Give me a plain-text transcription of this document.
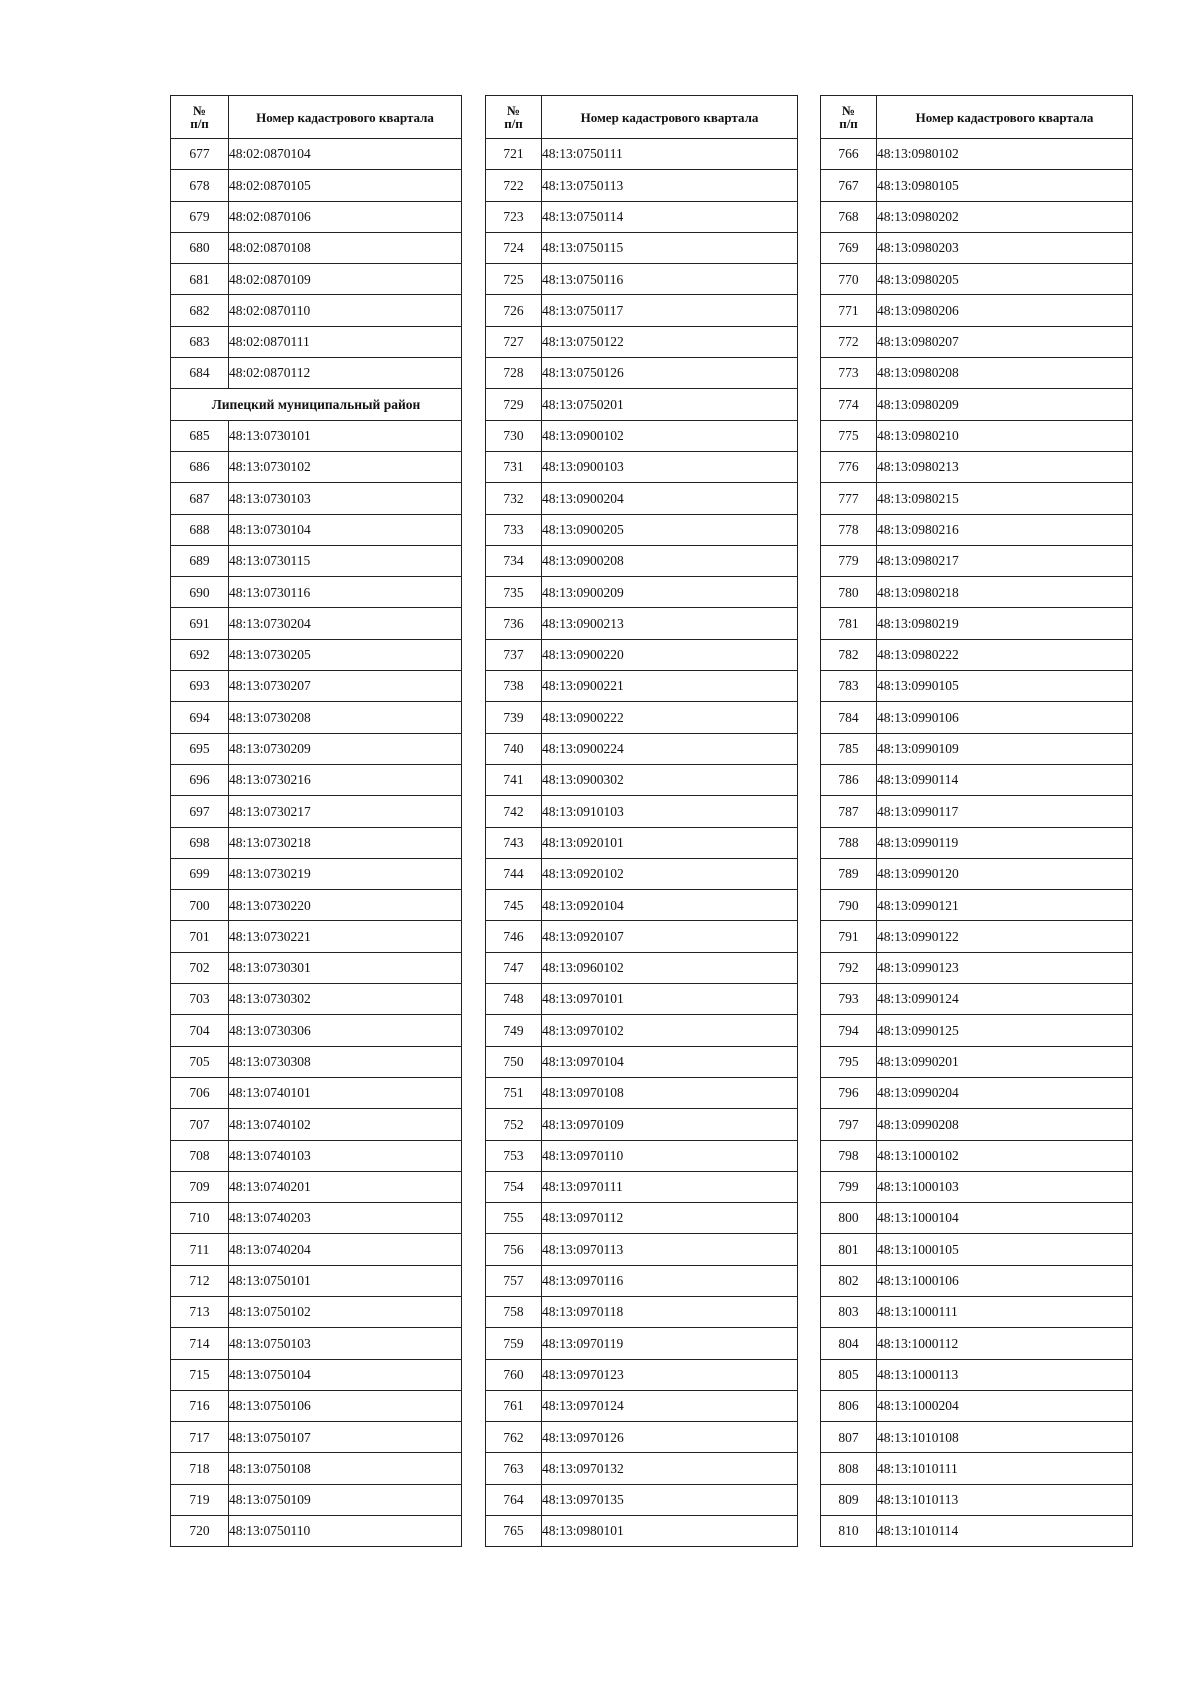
№
п/п	Номер кадастрового квартала
677	48:02:0870104
678	48:02:0870105
679	48:02:0870106
680	48:02:0870108
681	48:02:0870109
682	48:02:0870110
683	48:02:0870111
684	48:02:0870112
Липецкий муниципальный район	
685	48:13:0730101
686	48:13:0730102
687	48:13:0730103
688	48:13:0730104
689	48:13:0730115
690	48:13:0730116
691	48:13:0730204
692	48:13:0730205
693	48:13:0730207
694	48:13:0730208
695	48:13:0730209
696	48:13:0730216
697	48:13:0730217
698	48:13:0730218
699	48:13:0730219
700	48:13:0730220
701	48:13:0730221
702	48:13:0730301
703	48:13:0730302
704	48:13:0730306
705	48:13:0730308
706	48:13:0740101
707	48:13:0740102
708	48:13:0740103
709	48:13:0740201
710	48:13:0740203
711	48:13:0740204
712	48:13:0750101
713	48:13:0750102
714	48:13:0750103
715	48:13:0750104
716	48:13:0750106
717	48:13:0750107
718	48:13:0750108
719	48:13:0750109
720	48:13:0750110
№
п/п	Номер кадастрового квартала
721	48:13:0750111
722	48:13:0750113
723	48:13:0750114
724	48:13:0750115
725	48:13:0750116
726	48:13:0750117
727	48:13:0750122
728	48:13:0750126
729	48:13:0750201
730	48:13:0900102
731	48:13:0900103
732	48:13:0900204
733	48:13:0900205
734	48:13:0900208
735	48:13:0900209
736	48:13:0900213
737	48:13:0900220
738	48:13:0900221
739	48:13:0900222
740	48:13:0900224
741	48:13:0900302
742	48:13:0910103
743	48:13:0920101
744	48:13:0920102
745	48:13:0920104
746	48:13:0920107
747	48:13:0960102
748	48:13:0970101
749	48:13:0970102
750	48:13:0970104
751	48:13:0970108
752	48:13:0970109
753	48:13:0970110
754	48:13:0970111
755	48:13:0970112
756	48:13:0970113
757	48:13:0970116
758	48:13:0970118
759	48:13:0970119
760	48:13:0970123
761	48:13:0970124
762	48:13:0970126
763	48:13:0970132
764	48:13:0970135
765	48:13:0980101
№
п/п	Номер кадастрового квартала
766	48:13:0980102
767	48:13:0980105
768	48:13:0980202
769	48:13:0980203
770	48:13:0980205
771	48:13:0980206
772	48:13:0980207
773	48:13:0980208
774	48:13:0980209
775	48:13:0980210
776	48:13:0980213
777	48:13:0980215
778	48:13:0980216
779	48:13:0980217
780	48:13:0980218
781	48:13:0980219
782	48:13:0980222
783	48:13:0990105
784	48:13:0990106
785	48:13:0990109
786	48:13:0990114
787	48:13:0990117
788	48:13:0990119
789	48:13:0990120
790	48:13:0990121
791	48:13:0990122
792	48:13:0990123
793	48:13:0990124
794	48:13:0990125
795	48:13:0990201
796	48:13:0990204
797	48:13:0990208
798	48:13:1000102
799	48:13:1000103
800	48:13:1000104
801	48:13:1000105
802	48:13:1000106
803	48:13:1000111
804	48:13:1000112
805	48:13:1000113
806	48:13:1000204
807	48:13:1010108
808	48:13:1010111
809	48:13:1010113
810	48:13:1010114
